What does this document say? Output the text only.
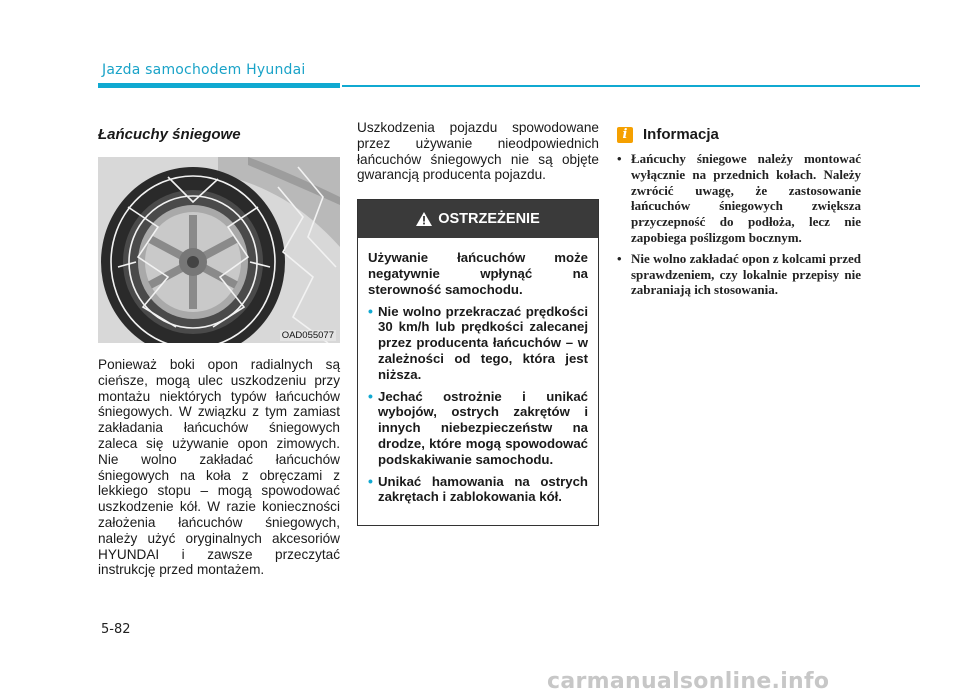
Jazda samochodem Hyundai
Łańcuchy śniegowe
OAD055077

Ponieważ boki opon radialnych są cieńsze, mogą ulec uszkodzeniu przy montażu niektórych typów łańcuchów śniegowych. W związku z tym zamiast zakładania łańcuchów śniegowych zaleca się używanie opon zimowych. Nie wolno zakładać łańcuchów śniegowych na koła z obręczami z lekkiego stopu – mogą spowodować uszkodzenie kół. W razie konieczności założenia łańcuchów śniegowych, należy użyć oryginalnych akcesoriów HYUNDAI i zawsze przeczytać instrukcję przed montażem.

Uszkodzenia pojazdu spowodowane przez używanie nieodpowiednich łańcuchów śniegowych nie są objęte gwarancją producenta pojazdu.

OSTRZEŻENIE

Używanie łańcuchów może negatywnie wpłynąć na sterowność samochodu.

• Nie wolno przekraczać prędkości 30 km/h lub prędkości zalecanej przez producenta łańcuchów – w zależności od tego, która jest niższa.
• Jechać ostrożnie i unikać wybojów, ostrych zakrętów i innych niebezpieczeństw na drodze, które mogą spowodować podskakiwanie samochodu.
• Unikać hamowania na ostrych zakrętach i zablokowania kół.
i	Informacja
• Łańcuchy śniegowe należy montować wyłącznie na przednich kołach. Należy zwrócić uwagę, że zastosowanie łańcuchów śniegowych zwiększa przyczepność do podłoża, lecz nie zapobiega poślizgom bocznym.
• Nie wolno zakładać opon z kolcami przed sprawdzeniem, czy lokalnie przepisy nie zabraniają ich stosowania.
5-82
carmanualsonline.info
